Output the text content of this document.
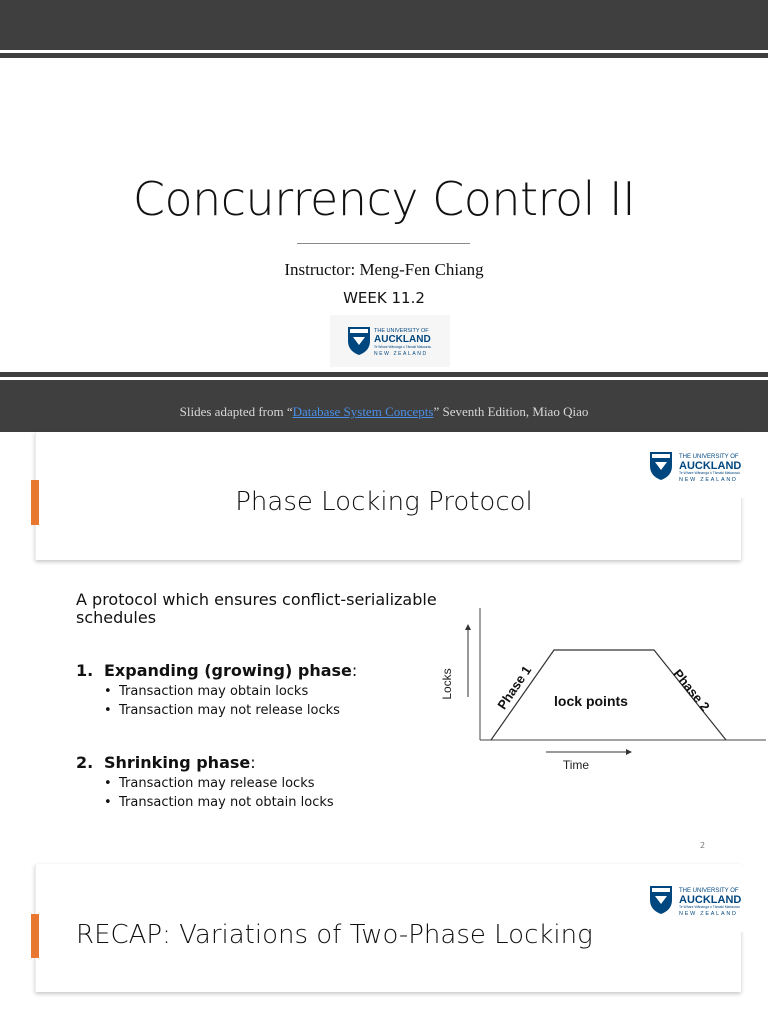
Concurrency Control II
Instructor: Meng-Fen Chiang
WEEK 11.2
THE UNIVERSITY OF
AUCKLAND
Te Whare Wānanga o Tāmaki Makaurau
NEW ZEALAND
Slides adapted from “Database System Concepts” Seventh Edition, Miao Qiao
Phase Locking Protocol
THE UNIVERSITY OF
AUCKLAND
Te Whare Wānanga o Tāmaki Makaurau
NEW ZEALAND
A protocol which ensures conflict-serializable schedules
1. Expanding (growing) phase:
• Transaction may obtain locks
• Transaction may not release locks
2. Shrinking phase:
• Transaction may release locks
• Transaction may not obtain locks
Locks
Time
Phase 1	Phase 2
lock points
2
RECAP: Variations of Two-Phase Locking
THE UNIVERSITY OF
AUCKLAND
Te Whare Wānanga o Tāmaki Makaurau
NEW ZEALAND
